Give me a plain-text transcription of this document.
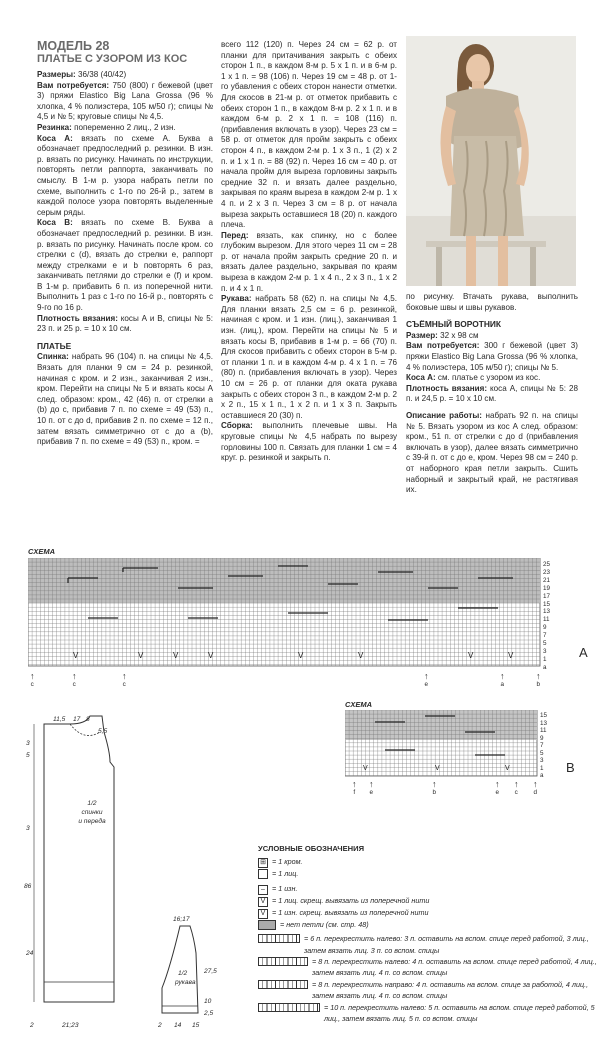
МОДЕЛЬ 28

ПЛАТЬЕ С УЗОРОМ ИЗ КОС

Размеры: 36/38 (40/42)

Вам потребуется: 750 (800) г бежевой (цвет 3) пряжи Elastico Big Lana Grossa (96 % хлопка, 4 % полиэстера, 105 м/50 г); спицы № 4,5 и № 5; круговые спицы № 4,5.

Резинка: попеременно 2 лиц., 2 изн.

Коса А: вязать по схеме А. Буква а обозначает предпоследний р. резинки. В изн. р. вязать по рисунку. Начинать по инструкции, повторять петли раппорта, заканчивать по смыслу. В 1-м р. узора набрать петли по схеме, выполнить с 1-го по 26-й р., затем в каждой полосе узора повторять выделенные серым ряды.

Коса В: вязать по схеме В. Буква а обозначает предпоследний р. резинки. В изн. р. вязать по рисунку. Начинать после кром. со стрелки с (d), вязать до стрелки е, раппорт между стрелками е и b повторять 6 раз, заканчивать петлями до стрелки е (f) и кром. В 1-м р. прибавить 6 п. из поперечной нити. Выполнить 1 раз с 1-го по 16-й р., повторять с 9-го по 16 р.

Плотность вязания: косы А и В, спицы № 5: 23 п. и 25 р. = 10 х 10 см.

ПЛАТЬЕ

Спинка: набрать 96 (104) п. на спицы № 4,5. Вязать для планки 9 см = 24 р. резинкой, начиная с кром. и 2 изн., заканчивая 2 изн., кром. Перейти на спицы № 5 и вязать косы А след. образом: кром., 42 (46) п. от стрелки а (b) до с, прибавив 7 п. по схеме = 49 (53) п., 10 п. от с до d, прибавив 2 п. по схеме = 12 п., затем вязать симметрично от с до а (b), прибавив 7 п. по схеме = 49 (53) п., кром. =

всего 112 (120) п. Через 24 см = 62 р. от планки для притачивания закрыть с обеих сторон 1 п., в каждом 8-м р. 5 х 1 п. и в 6-м р. 1 х 1 п. = 98 (106) п. Через 19 см = 48 р. от 1-го убавления с обеих сторон нанести отметки. Для скосов в 21-м р. от отметок прибавить с обеих сторон 1 п., в каждом 8-м р. 2 х 1 п. и в каждом 6-м р. 2 х 1 п. = 108 (116) п. (прибавления включать в узор). Через 23 см = 58 р. от отметок для пройм закрыть с обеих сторон 4 п., в каждом 2-м р. 1 х 3 п., 1 (2) х 2 п. и 1 х 1 п. = 88 (92) п. Через 16 см = 40 р. от начала пройм для выреза горловины закрыть средние 32 п. и вязать далее раздельно, закрывая по краям выреза в каждом 2-м р. 1 х 4 п. и 2 х 3 п. Через 3 см = 8 р. от начала выреза закрыть оставшиеся 18 (20) п. каждого плеча.

Перед: вязать, как спинку, но с более глубоким вырезом. Для этого через 11 см = 28 р. от начала пройм закрыть средние 20 п. и вязать далее раздельно, закрывая по краям выреза в каждом 2-м р. 1 х 4 п., 2 х 3 п., 1 х 2 п. и 4 х 1 п.

Рукава: набрать 58 (62) п. на спицы № 4,5. Для планки вязать 2,5 см = 6 р. резинкой, начиная с кром. и 1 изн. (лиц.), заканчивая 1 изн. (лиц.), кром. Перейти на спицы № 5 и вязать косы В, прибавив в 1-м р. = 66 (70) п. Для скосов прибавить с обеих сторон в 5-м р. от планки 1 п. и в каждом 4-м р. 4 х 1 п. = 76 (80) п. (прибавления включать в узор). Через 10 см = 26 р. от планки для оката рукава закрыть с обеих сторон 3 п., в каждом 2-м р. 2 х 2 п., 15 х 1 п., 1 х 2 п. и 1 х 3 п. Закрыть оставшиеся 20 (30) п.

Сборка: выполнить плечевые швы. На круговые спицы № 4,5 набрать по вырезу горловины 100 п. Связать для планки 1 см = 4 круг. р. резинкой и закрыть п.

по рисунку. Втачать рукава, выполнить боковые швы и швы рукавов.

СЪЁМНЫЙ ВОРОТНИК

Размер: 32 х 98 см

Вам потребуется: 300 г бежевой (цвет 3) пряжи Elastico Big Lana Grossa (96 % хлопка, 4 % полиэстера, 105 м/50 г); спицы № 5.

Коса А: см. платье с узором из кос.

Плотность вязания: коса А, спицы № 5: 28 п. и 24,5 р. = 10 х 10 см.

Описание работы: набрать 92 п. на спицы № 5. Вязать узором из кос А след. образом: кром., 51 п. от стрелки с до d (прибавления включать в узор), далее вязать симметрично с 39-й п. от с до е, кром. Через 98 см = 240 р. от наборного края петли закрыть. Сшить наборный и закрытый край, не растягивая их.

СХЕМА
V	V	V	V	V	V	V	V
25
23
21
19
17
15
13
11
9
7
5
3
1
а
А
↑
c
↑
c
↑
c
↑
e
↑
a
↑
b
11,5 17 8
5,5
3
5
3
24
86
1/2
спинки
и переда
2	21;23
16;17
1/2
рукава
27,5
10
2,5
2 14 15
СХЕМА
V	V	V
15
13
11
9
7
5
3
1
а
B
↑
f
↑
e
↑
b
↑
e
↑
c
↑
d
УСЛОВНЫЕ ОБОЗНАЧЕНИЯ
⊞ = 1 кром.
= 1 лиц.
– = 1 изн.
V = 1 лиц. скрещ. вывязать из поперечной нити
V = 1 изн. скрещ. вывязать из поперечной нити
= нет петли (см. стр. 48)
= 6 п. перекрестить налево: 3 п. оставить на вспом. спице перед работой, 3 лиц., затем вязать лиц. 3 п. со вспом. спицы
= 8 п. перекрестить налево: 4 п. оставить на вспом. спице перед работой, 4 лиц., затем вязать лиц. 4 п. со вспом. спицы
= 8 п. перекрестить направо: 4 п. оставить на вспом. спице за работой, 4 лиц., затем вязать лиц. 4 п. со вспом. спицы
= 10 п. перекрестить налево: 5 п. оставить на вспом. спице перед работой, 5 лиц., затем вязать лиц. 5 п. со вспом. спицы
